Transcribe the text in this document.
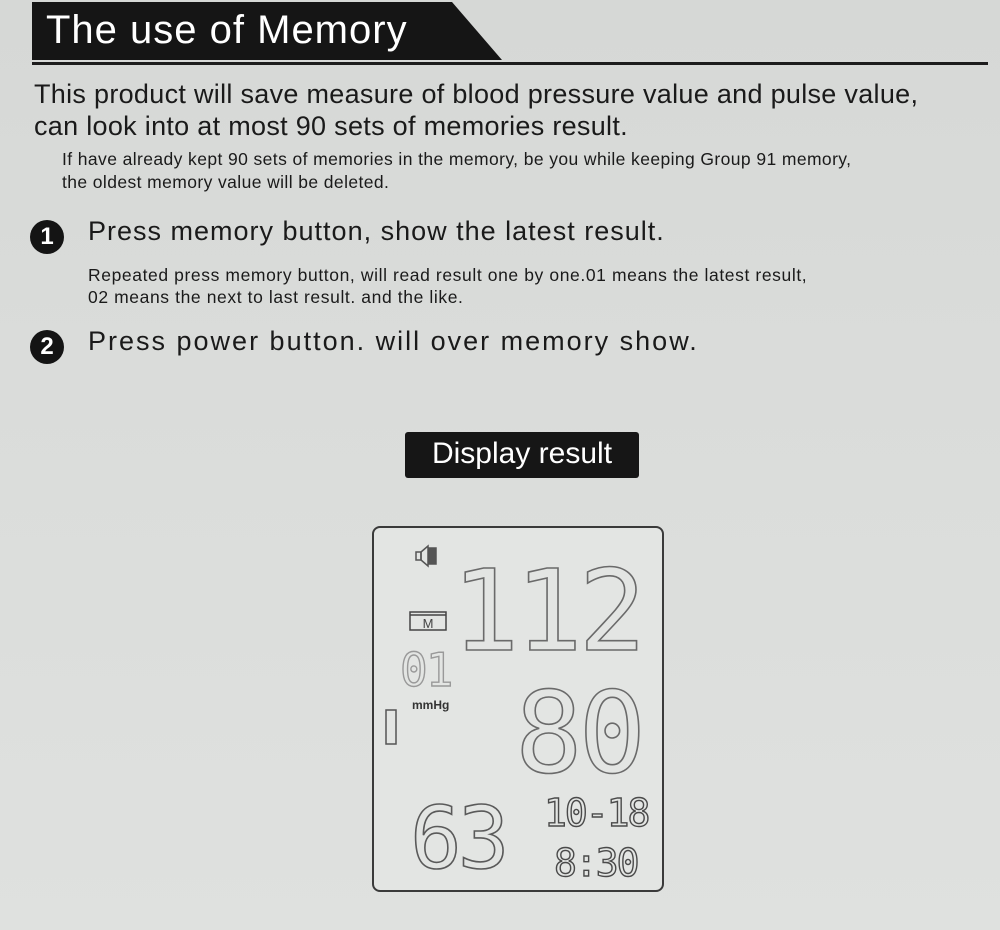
The use of Memory
This product will save measure of blood pressure value and pulse value,
can look into at most 90 sets of memories result.
If have already kept 90 sets of memories in the memory, be you while keeping Group 91 memory,
the oldest memory value will be deleted.
1	Press memory button, show the latest result.
Repeated press memory button, will read result one by one.01 means the latest result,
02 means the next to last result. and the like.
2	Press power button. will over memory show.
Display result
M
01
mmHg
112
80
63 10-18
8:30
